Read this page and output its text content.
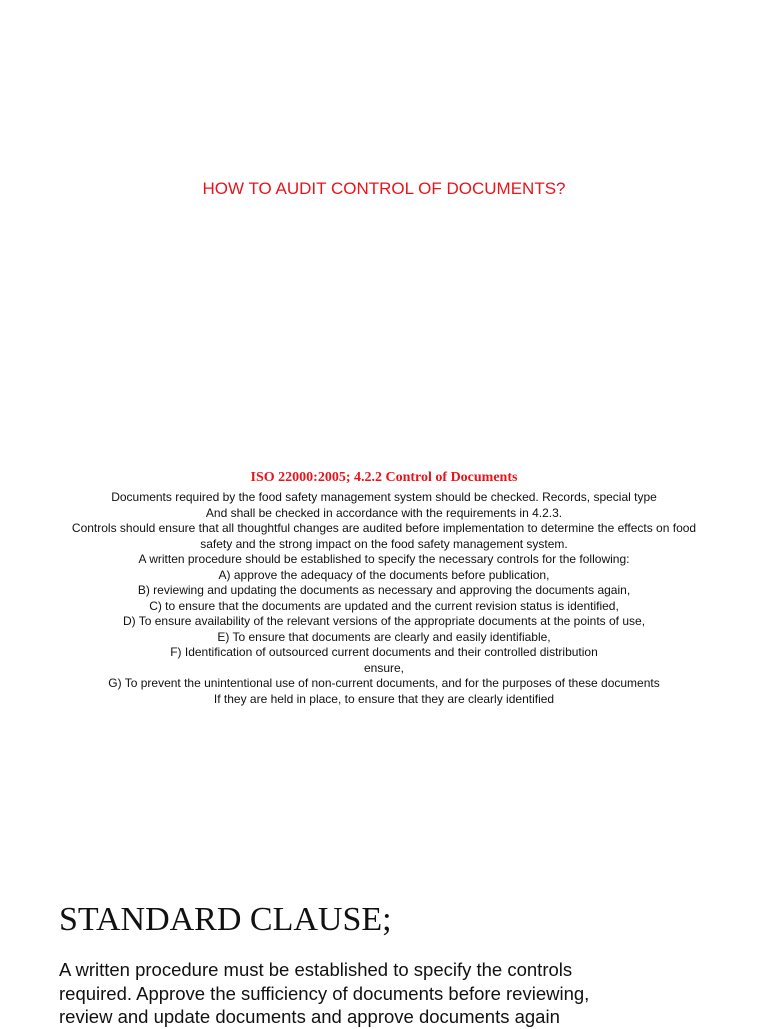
HOW TO AUDIT CONTROL OF DOCUMENTS?
ISO 22000:2005; 4.2.2 Control of Documents
Documents required by the food safety management system should be checked. Records, special type
And shall be checked in accordance with the requirements in 4.2.3.
Controls should ensure that all thoughtful changes are audited before implementation to determine the effects on food
safety and the strong impact on the food safety management system.
A written procedure should be established to specify the necessary controls for the following:
A) approve the adequacy of the documents before publication,
B) reviewing and updating the documents as necessary and approving the documents again,
C) to ensure that the documents are updated and the current revision status is identified,
D) To ensure availability of the relevant versions of the appropriate documents at the points of use,
E) To ensure that documents are clearly and easily identifiable,
F) Identification of outsourced current documents and their controlled distribution
ensure,
G) To prevent the unintentional use of non-current documents, and for the purposes of these documents
If they are held in place, to ensure that they are clearly identified
STANDARD CLAUSE;
A written procedure must be established to specify the controls
required. Approve the sufficiency of documents before reviewing,
review and update documents and approve documents again
